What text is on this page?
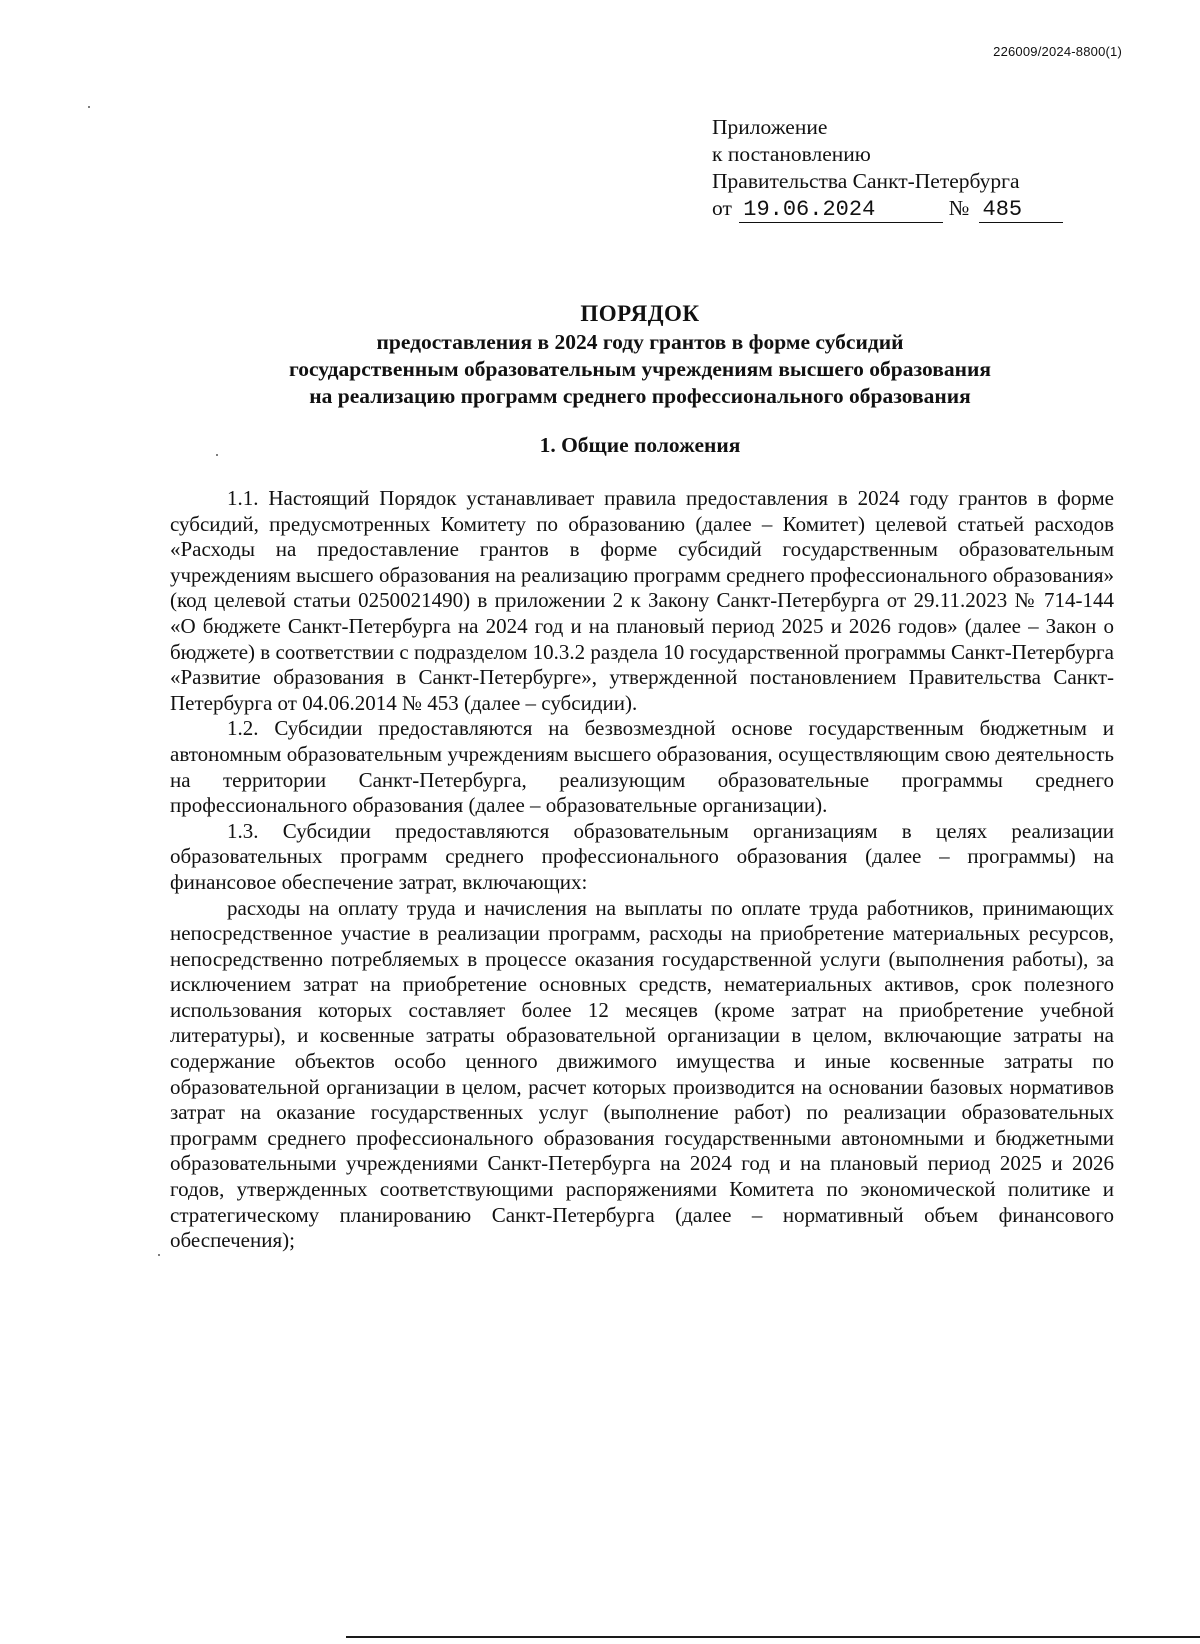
226009/2024-8800(1)
Приложение
к постановлению
Правительства Санкт-Петербурга
от 19.06.2024	№ 485
ПОРЯДОК
предоставления в 2024 году грантов в форме субсидий
государственным образовательным учреждениям высшего образования
на реализацию программ среднего профессионального образования
1. Общие положения

1.1. Настоящий Порядок устанавливает правила предоставления в 2024 году грантов в форме субсидий, предусмотренных Комитету по образованию (далее – Комитет) целевой статьей расходов «Расходы на предоставление грантов в форме субсидий государственным образовательным учреждениям высшего образования на реализацию программ среднего профессионального образования» (код целевой статьи 0250021490) в приложении 2 к Закону Санкт-Петербурга от 29.11.2023 № 714-144 «О бюджете Санкт-Петербурга на 2024 год и на плановый период 2025 и 2026 годов» (далее – Закон о бюджете) в соответствии с подразделом 10.3.2 раздела 10 государственной программы Санкт-Петербурга «Развитие образования в Санкт-Петербурге», утвержденной постановлением Правительства Санкт-Петербурга от 04.06.2014 № 453 (далее – субсидии).

1.2. Субсидии предоставляются на безвозмездной основе государственным бюджетным и автономным образовательным учреждениям высшего образования, осуществляющим свою деятельность на территории Санкт-Петербурга, реализующим образовательные программы среднего профессионального образования (далее – образовательные организации).

1.3. Субсидии предоставляются образовательным организациям в целях реализации образовательных программ среднего профессионального образования (далее – программы) на финансовое обеспечение затрат, включающих:

расходы на оплату труда и начисления на выплаты по оплате труда работников, принимающих непосредственное участие в реализации программ, расходы на приобретение материальных ресурсов, непосредственно потребляемых в процессе оказания государственной услуги (выполнения работы), за исключением затрат на приобретение основных средств, нематериальных активов, срок полезного использования которых составляет более 12 месяцев (кроме затрат на приобретение учебной литературы), и косвенные затраты образовательной организации в целом, включающие затраты на содержание объектов особо ценного движимого имущества и иные косвенные затраты по образовательной организации в целом, расчет которых производится на основании базовых нормативов затрат на оказание государственных услуг (выполнение работ) по реализации образовательных программ среднего профессионального образования государственными автономными и бюджетными образовательными учреждениями Санкт-Петербурга на 2024 год и на плановый период 2025 и 2026 годов, утвержденных соответствующими распоряжениями Комитета по экономической политике и стратегическому планированию Санкт-Петербурга (далее – нормативный объем финансового обеспечения);
